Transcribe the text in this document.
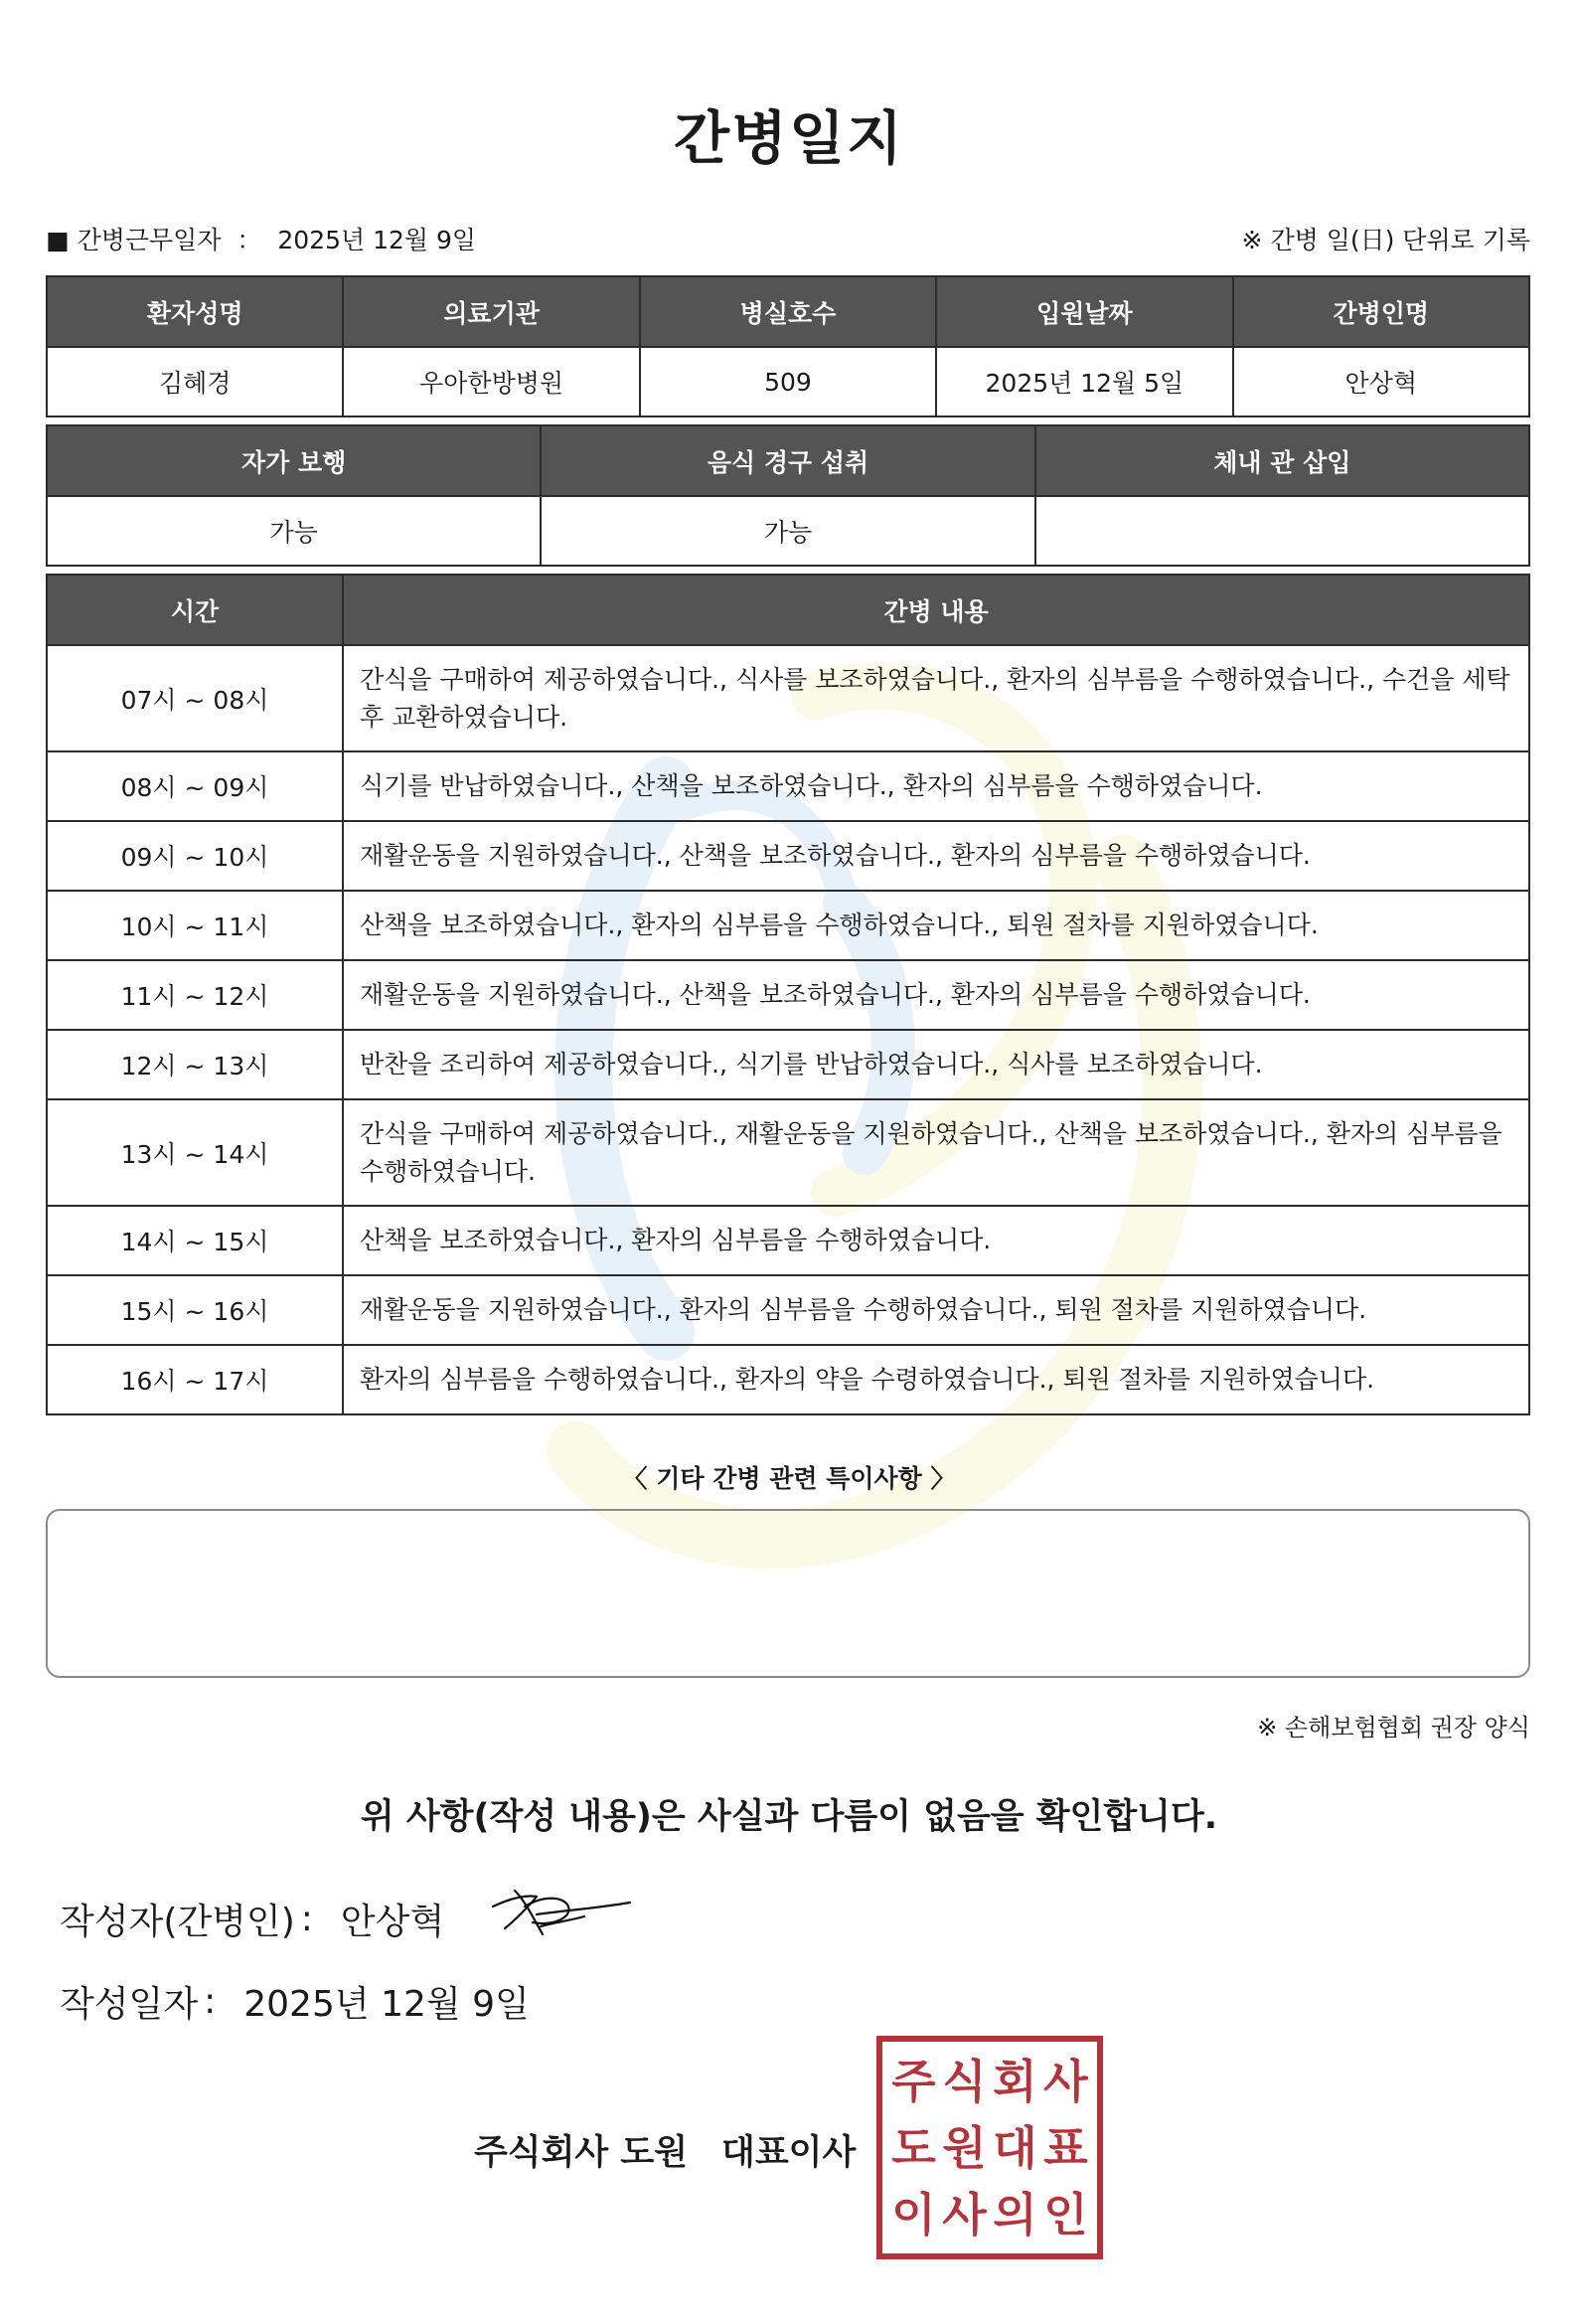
간병일지
■ 간병근무일자 ： 2025년 12월 9일	※ 간병 일(日) 단위로 기록
환자성명	의료기관	병실호수	입원날짜	간병인명
김혜경	우아한방병원	509	2025년 12월 5일	안상혁
자가 보행	음식 경구 섭취	체내 관 삽입
가능	가능	
시간	간병 내용
07시 ~ 08시	간식을 구매하여 제공하였습니다., 식사를 보조하였습니다., 환자의 심부름을 수행하였습니다., 수건을 세탁 후 교환하였습니다.
08시 ~ 09시	식기를 반납하였습니다., 산책을 보조하였습니다., 환자의 심부름을 수행하였습니다.
09시 ~ 10시	재활운동을 지원하였습니다., 산책을 보조하였습니다., 환자의 심부름을 수행하였습니다.
10시 ~ 11시	산책을 보조하였습니다., 환자의 심부름을 수행하였습니다., 퇴원 절차를 지원하였습니다.
11시 ~ 12시	재활운동을 지원하였습니다., 산책을 보조하였습니다., 환자의 심부름을 수행하였습니다.
12시 ~ 13시	반찬을 조리하여 제공하였습니다., 식기를 반납하였습니다., 식사를 보조하였습니다.
13시 ~ 14시	간식을 구매하여 제공하였습니다., 재활운동을 지원하였습니다., 산책을 보조하였습니다., 환자의 심부름을 수행하였습니다.
14시 ~ 15시	산책을 보조하였습니다., 환자의 심부름을 수행하였습니다.
15시 ~ 16시	재활운동을 지원하였습니다., 환자의 심부름을 수행하였습니다., 퇴원 절차를 지원하였습니다.
16시 ~ 17시	환자의 심부름을 수행하였습니다., 환자의 약을 수령하였습니다., 퇴원 절차를 지원하였습니다.
〈 기타 간병 관련 특이사항 〉
※ 손해보험협회 권장 양식
위 사항(작성 내용)은 사실과 다름이 없음을 확인합니다.
작성자(간병인) : 안상혁
작성일자 : 2025년 12월 9일
주식회사 도원 대표이사
주 식 회 사
도 원 대 표
이 사 의 인
